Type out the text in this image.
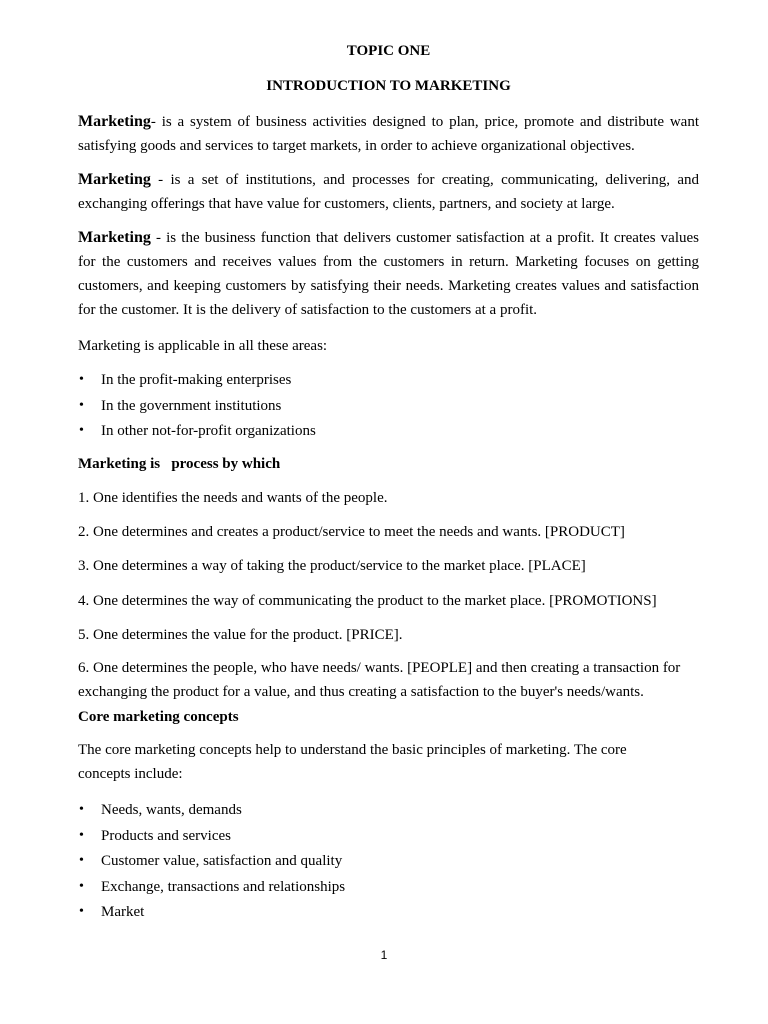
TOPIC ONE

INTRODUCTION TO MARKETING

Marketing- is a system of business activities designed to plan, price, promote and distribute want satisfying goods and services to target markets, in order to achieve organizational objectives.

Marketing - is a set of institutions, and processes for creating, communicating, delivering, and exchanging offerings that have value for customers, clients, partners, and society at large.

Marketing - is the business function that delivers customer satisfaction at a profit. It creates values for the customers and receives values from the customers in return. Marketing focuses on getting customers, and keeping customers by satisfying their needs. Marketing creates values and satisfaction for the customer. It is the delivery of satisfaction to the customers at a profit.

Marketing is applicable in all these areas:

• In the profit-making enterprises
• In the government institutions
• In other not-for-profit organizations

Marketing is   process by which

1. One identifies the needs and wants of the people.

2. One determines and creates a product/service to meet the needs and wants. [PRODUCT]

3. One determines a way of taking the product/service to the market place. [PLACE]

4. One determines the way of communicating the product to the market place. [PROMOTIONS]

5. One determines the value for the product. [PRICE].

6. One determines the people, who have needs/ wants. [PEOPLE] and then creating a transaction for exchanging the product for a value, and thus creating a satisfaction to the buyer's needs/wants.

Core marketing concepts

The core marketing concepts help to understand the basic principles of marketing. The core concepts include:

• Needs, wants, demands
• Products and services
• Customer value, satisfaction and quality
• Exchange, transactions and relationships
• Market
1
